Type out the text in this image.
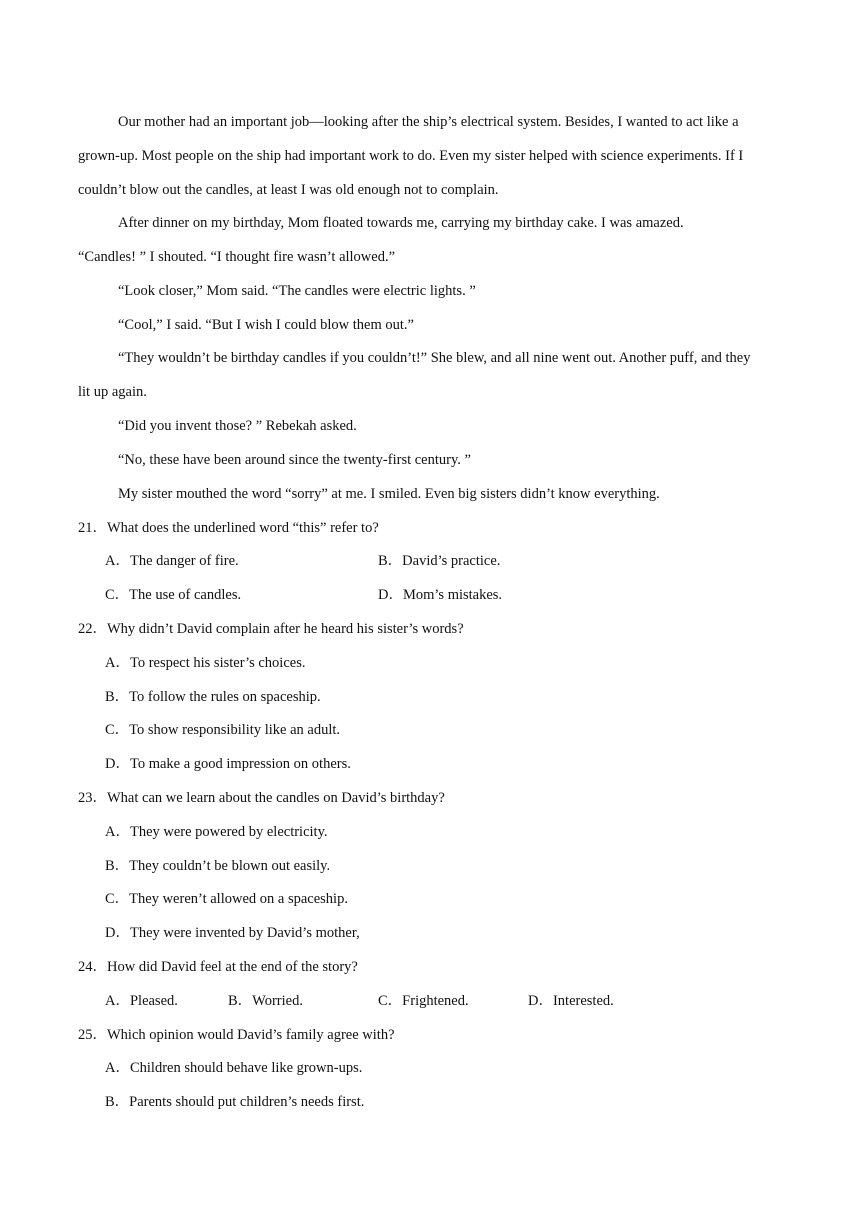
Our mother had an important job—looking after the ship’s electrical system. Besides, I wanted to act like a
grown-up. Most people on the ship had important work to do. Even my sister helped with science experiments. If I
couldn’t blow out the candles, at least I was old enough not to complain.
After dinner on my birthday, Mom floated towards me, carrying my birthday cake. I was amazed.
“Candles! ” I shouted. “I thought fire wasn’t allowed.”
“Look closer,” Mom said. “The candles were electric lights. ”
“Cool,” I said. “But I wish I could blow them out.”
“They wouldn’t be birthday candles if you couldn’t!” She blew, and all nine went out. Another puff, and they
lit up again.
“Did you invent those? ” Rebekah asked.
“No, these have been around since the twenty-first century. ”
My sister mouthed the word “sorry” at me. I smiled. Even big sisters didn’t know everything.
21．What does the underlined word “this” refer to?
A．The danger of fire.	B．David’s practice.
C．The use of candles.	D．Mom’s mistakes.
22．Why didn’t David complain after he heard his sister’s words?
A．To respect his sister’s choices.
B．To follow the rules on spaceship.
C．To show responsibility like an adult.
D．To make a good impression on others.
23．What can we learn about the candles on David’s birthday?
A．They were powered by electricity.
B．They couldn’t be blown out easily.
C．They weren’t allowed on a spaceship.
D．They were invented by David’s mother,
24．How did David feel at the end of the story?
A．Pleased.	B．Worried.	C．Frightened.	D．Interested.
25．Which opinion would David’s family agree with?
A．Children should behave like grown-ups.
B．Parents should put children’s needs first.
